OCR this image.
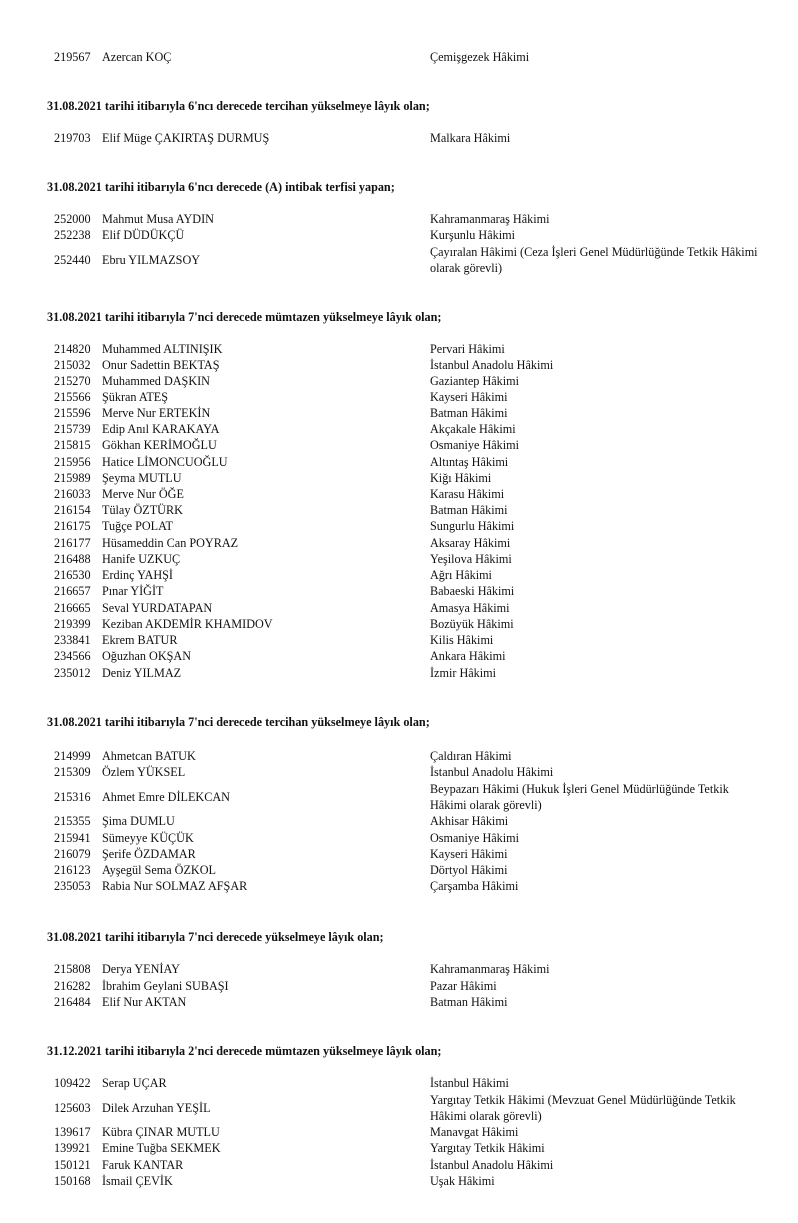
219567 Azercan KOÇ	Çemişgezek Hâkimi
31.08.2021 tarihi itibarıyla 6'ncı derecede tercihan yükselmeye lâyık olan;
219703 Elif Müge ÇAKIRTAŞ DURMUŞ	Malkara Hâkimi
31.08.2021 tarihi itibarıyla 6'ncı derecede (A) intibak terfisi yapan;
252000 Mahmut Musa AYDIN	Kahramanmaraş Hâkimi
252238 Elif DÜDÜKÇÜ	Kurşunlu Hâkimi
252440 Ebru YILMAZSOY
Çayıralan Hâkimi (Ceza İşleri Genel Müdürlüğünde Tetkik Hâkimi olarak görevli)
31.08.2021 tarihi itibarıyla 7'nci derecede mümtazen yükselmeye lâyık olan;
214820 Muhammed ALTINIŞIK	Pervari Hâkimi
215032 Onur Sadettin BEKTAŞ	İstanbul Anadolu Hâkimi
215270 Muhammed DAŞKIN	Gaziantep Hâkimi
215566 Şükran ATEŞ	Kayseri Hâkimi
215596 Merve Nur ERTEKİN	Batman Hâkimi
215739 Edip Anıl KARAKAYA	Akçakale Hâkimi
215815 Gökhan KERİMOĞLU	Osmaniye Hâkimi
215956 Hatice LİMONCUOĞLU	Altıntaş Hâkimi
215989 Şeyma MUTLU	Kiğı Hâkimi
216033 Merve Nur ÖĞE	Karasu Hâkimi
216154 Tülay ÖZTÜRK	Batman Hâkimi
216175 Tuğçe POLAT	Sungurlu Hâkimi
216177 Hüsameddin Can POYRAZ	Aksaray Hâkimi
216488 Hanife UZKUÇ	Yeşilova Hâkimi
216530 Erdinç YAHŞİ	Ağrı Hâkimi
216657 Pınar YİĞİT	Babaeski Hâkimi
216665 Seval YURDATAPAN	Amasya Hâkimi
219399 Keziban AKDEMİR KHAMIDOV	Bozüyük Hâkimi
233841 Ekrem BATUR	Kilis Hâkimi
234566 Oğuzhan OKŞAN	Ankara Hâkimi
235012 Deniz YILMAZ	İzmir Hâkimi
31.08.2021 tarihi itibarıyla 7'nci derecede tercihan yükselmeye lâyık olan;
214999 Ahmetcan BATUK	Çaldıran Hâkimi
215309 Özlem YÜKSEL	İstanbul Anadolu Hâkimi
215316 Ahmet Emre DİLEKCAN
Beypazarı Hâkimi (Hukuk İşleri Genel Müdürlüğünde Tetkik Hâkimi olarak görevli)
215355 Şima DUMLU	Akhisar Hâkimi
215941 Sümeyye KÜÇÜK	Osmaniye Hâkimi
216079 Şerife ÖZDAMAR	Kayseri Hâkimi
216123 Ayşegül Sema ÖZKOL	Dörtyol Hâkimi
235053 Rabia Nur SOLMAZ AFŞAR	Çarşamba Hâkimi
31.08.2021 tarihi itibarıyla 7'nci derecede yükselmeye lâyık olan;
215808 Derya YENİAY	Kahramanmaraş Hâkimi
216282 İbrahim Geylani SUBAŞI	Pazar Hâkimi
216484 Elif Nur AKTAN	Batman Hâkimi
31.12.2021 tarihi itibarıyla 2'nci derecede mümtazen yükselmeye lâyık olan;
109422 Serap UÇAR	İstanbul Hâkimi
125603 Dilek Arzuhan YEŞİL
Yargıtay Tetkik Hâkimi (Mevzuat Genel Müdürlüğünde Tetkik Hâkimi olarak görevli)
139617 Kübra ÇINAR MUTLU	Manavgat Hâkimi
139921 Emine Tuğba SEKMEK	Yargıtay Tetkik Hâkimi
150121 Faruk KANTAR	İstanbul Anadolu Hâkimi
150168 İsmail ÇEVİK	Uşak Hâkimi
